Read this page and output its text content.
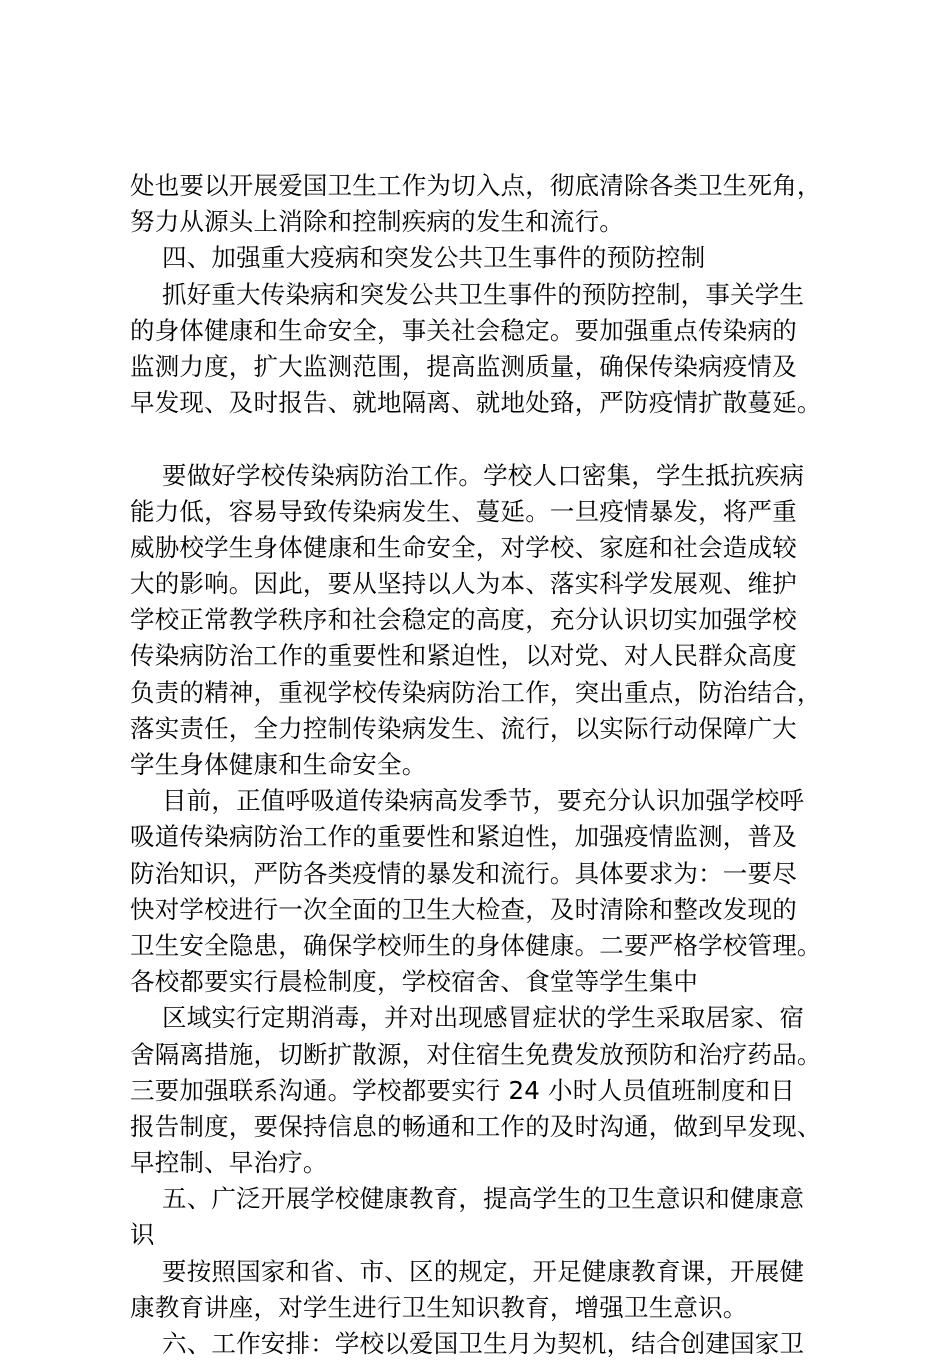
处也要以开展爱国卫生工作为切入点，彻底清除各类卫生死角，
努力从源头上消除和控制疾病的发生和流行。
四、加强重大疫病和突发公共卫生事件的预防控制
抓好重大传染病和突发公共卫生事件的预防控制，事关学生
的身体健康和生命安全，事关社会稳定。要加强重点传染病的
监测力度，扩大监测范围，提高监测质量，确保传染病疫情及
早发现、及时报告、就地隔离、就地处臵，严防疫情扩散蔓延。
要做好学校传染病防治工作。学校人口密集，学生抵抗疾病
能力低，容易导致传染病发生、蔓延。一旦疫情暴发，将严重
威胁校学生身体健康和生命安全，对学校、家庭和社会造成较
大的影响。因此，要从坚持以人为本、落实科学发展观、维护
学校正常教学秩序和社会稳定的高度，充分认识切实加强学校
传染病防治工作的重要性和紧迫性，以对党、对人民群众高度
负责的精神，重视学校传染病防治工作，突出重点，防治结合，
落实责任，全力控制传染病发生、流行，以实际行动保障广大
学生身体健康和生命安全。
目前，正值呼吸道传染病高发季节，要充分认识加强学校呼
吸道传染病防治工作的重要性和紧迫性，加强疫情监测，普及
防治知识，严防各类疫情的暴发和流行。具体要求为：一要尽
快对学校进行一次全面的卫生大检查，及时清除和整改发现的
卫生安全隐患，确保学校师生的身体健康。二要严格学校管理。
各校都要实行晨检制度，学校宿舍、食堂等学生集中
区域实行定期消毒，并对出现感冒症状的学生采取居家、宿
舍隔离措施，切断扩散源，对住宿生免费发放预防和治疗药品。
三要加强联系沟通。学校都要实行 24 小时人员值班制度和日
报告制度，要保持信息的畅通和工作的及时沟通，做到早发现、
早控制、早治疗。
五、广泛开展学校健康教育，提高学生的卫生意识和健康意
识
要按照国家和省、市、区的规定，开足健康教育课，开展健
康教育讲座，对学生进行卫生知识教育，增强卫生意识。
六、工作安排：学校以爱国卫生月为契机，结合创建国家卫
